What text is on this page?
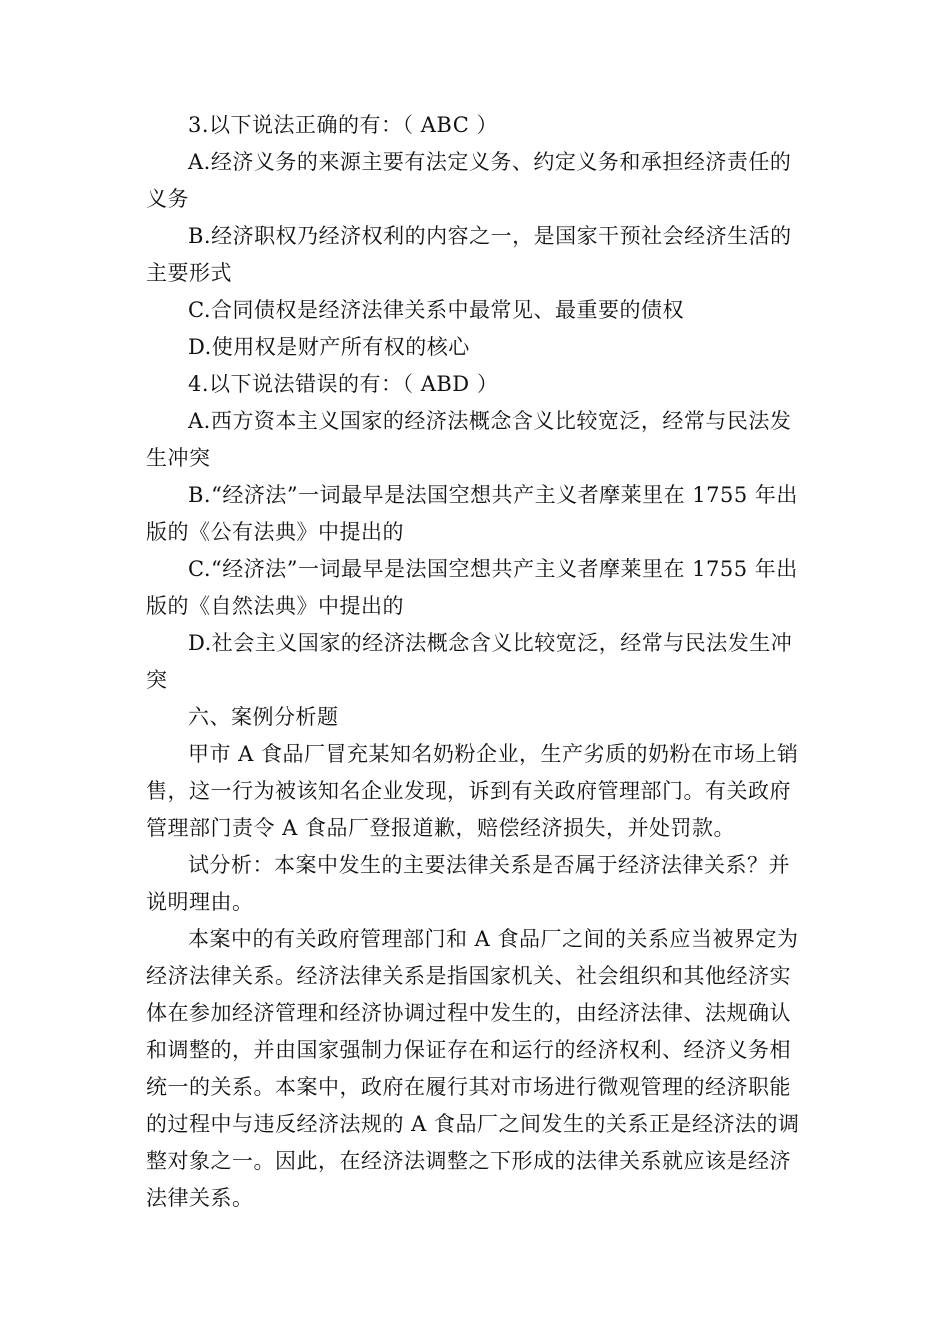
3.以下说法正确的有：（ ABC ）
A.经济义务的来源主要有法定义务、约定义务和承担经济责任的
义务
B.经济职权乃经济权利的内容之一，是国家干预社会经济生活的
主要形式
C.合同债权是经济法律关系中最常见、最重要的债权
D.使用权是财产所有权的核心
4.以下说法错误的有：（ ABD ）
A.西方资本主义国家的经济法概念含义比较宽泛，经常与民法发
生冲突
B.“经济法”一词最早是法国空想共产主义者摩莱里在 1755 年出
版的《公有法典》中提出的
C.“经济法”一词最早是法国空想共产主义者摩莱里在 1755 年出
版的《自然法典》中提出的
D.社会主义国家的经济法概念含义比较宽泛，经常与民法发生冲
突
六、案例分析题
甲市 A 食品厂冒充某知名奶粉企业，生产劣质的奶粉在市场上销
售，这一行为被该知名企业发现，诉到有关政府管理部门。有关政府
管理部门责令 A 食品厂登报道歉，赔偿经济损失，并处罚款。
试分析：本案中发生的主要法律关系是否属于经济法律关系？并
说明理由。
本案中的有关政府管理部门和 A 食品厂之间的关系应当被界定为
经济法律关系。经济法律关系是指国家机关、社会组织和其他经济实
体在参加经济管理和经济协调过程中发生的，由经济法律、法规确认
和调整的，并由国家强制力保证存在和运行的经济权利、经济义务相
统一的关系。本案中，政府在履行其对市场进行微观管理的经济职能
的过程中与违反经济法规的 A 食品厂之间发生的关系正是经济法的调
整对象之一。因此，在经济法调整之下形成的法律关系就应该是经济
法律关系。
